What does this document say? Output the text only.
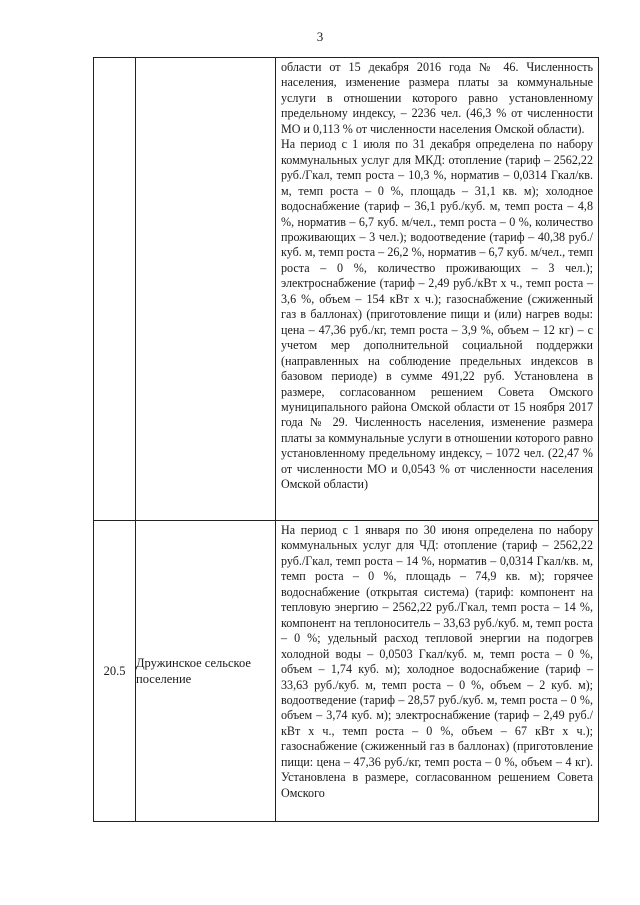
3

		области от 15 декабря 2016 года № 46. Численность населения, изменение размера платы за коммунальные услуги в отношении которого равно установленному предельному индексу, – 2236 чел. (46,3 % от численности МО и 0,113 % от численности населения Омской области).

На период с 1 июля по 31 декабря определена по набору коммунальных услуг для МКД: отопление (тариф – 2562,22 руб./Гкал, темп роста – 10,3 %, норматив – 0,0314 Гкал/кв. м, темп роста – 0 %, площадь – 31,1 кв. м); холодное водоснабжение (тариф – 36,1 руб./куб. м, темп роста – 4,8 %, норматив – 6,7 куб. м/чел., темп роста – 0 %, количество проживающих – 3 чел.); водоотведение (тариф – 40,38 руб./куб. м, темп роста – 26,2 %, норматив – 6,7 куб. м/чел., темп роста – 0 %, количество проживающих – 3 чел.); электроснабжение (тариф – 2,49 руб./кВт х ч., темп роста – 3,6 %, объем – 154 кВт х ч.); газоснабжение (сжиженный газ в баллонах) (приготовление пищи и (или) нагрев воды: цена – 47,36 руб./кг, темп роста – 3,9 %, объем – 12 кг) – с учетом мер дополнительной социальной поддержки (направленных на соблюдение предельных индексов в базовом периоде) в сумме 491,22 руб. Установлена в размере, согласованном решением Совета Омского муниципального района Омской области от 15 ноября 2017 года № 29. Численность населения, изменение размера платы за коммунальные услуги в отношении которого равно установленному предельному индексу, – 1072 чел. (22,47 % от численности МО и 0,0543 % от численности населения Омской области)

20.5	Дружинское сельское поселение	На период с 1 января по 30 июня определена по набору коммунальных услуг для ЧД: отопление (тариф – 2562,22 руб./Гкал, темп роста – 14 %, норматив – 0,0314 Гкал/кв. м, темп роста – 0 %, площадь – 74,9 кв. м); горячее водоснабжение (открытая система) (тариф: компонент на тепловую энергию – 2562,22 руб./Гкал, темп роста – 14 %, компонент на теплоноситель – 33,63 руб./куб. м, темп роста – 0 %; удельный расход тепловой энергии на подогрев холодной воды – 0,0503 Гкал/куб. м, темп роста – 0 %, объем – 1,74 куб. м); холодное водоснабжение (тариф – 33,63 руб./куб. м, темп роста – 0 %, объем – 2 куб. м); водоотведение (тариф – 28,57 руб./куб. м, темп роста – 0 %, объем – 3,74 куб. м); электроснабжение (тариф – 2,49 руб./кВт х ч., темп роста – 0 %, объем – 67 кВт х ч.); газоснабжение (сжиженный газ в баллонах) (приготовление пищи: цена – 47,36 руб./кг, темп роста – 0 %, объем – 4 кг). Установлена в размере, согласованном решением Совета Омского
